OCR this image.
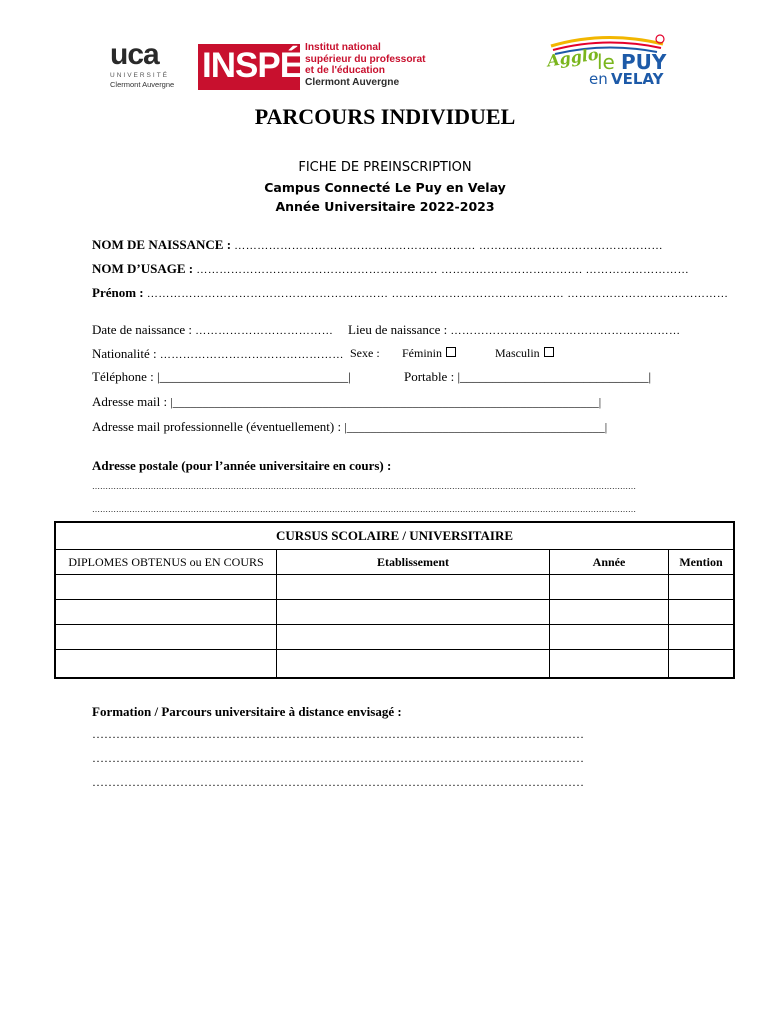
uca
UNIVERSITÉ
Clermont Auvergne INSPÉ Institut national
supérieur du professorat
et de l'éducation
Clermont Auvergne
Agglo
le PUY
en VELAY
PARCOURS INDIVIDUEL
FICHE DE PREINSCRIPTION
Campus Connecté Le Puy en Velay
Année Universitaire 2022-2023
NOM DE NAISSANCE : ……………………………………………………… …………………………………………
NOM D’USAGE : ……………………………………………………… ………………………………. ………………………
Prénom : ……………………………………………………… ……………………………………… ……………………………………
Date de naissance : ……………………………… Lieu de naissance : ……………………………………………………
Nationalité : ………………………………………… Sexe : Féminin	Masculin
Téléphone : |_____________________________|	Portable : |_____________________________|
Adresse mail : |_______________________________________________________________________|
Adresse mail professionnelle (éventuellement) : |___________________________________________|
Adresse postale (pour l’année universitaire en cours) :
……………………………………………………………………………………………………………………………………………………………………………………
……………………………………………………………………………………………………………………………………………………………………………………
CURSUS SCOLAIRE / UNIVERSITAIRE			
DIPLOMES OBTENUS ou EN COURS	Etablissement	Année	Mention

Formation / Parcours universitaire à distance envisagé :
……………………………………………………………………………………………………………
……………………………………………………………………………………………………………
……………………………………………………………………………………………………………
